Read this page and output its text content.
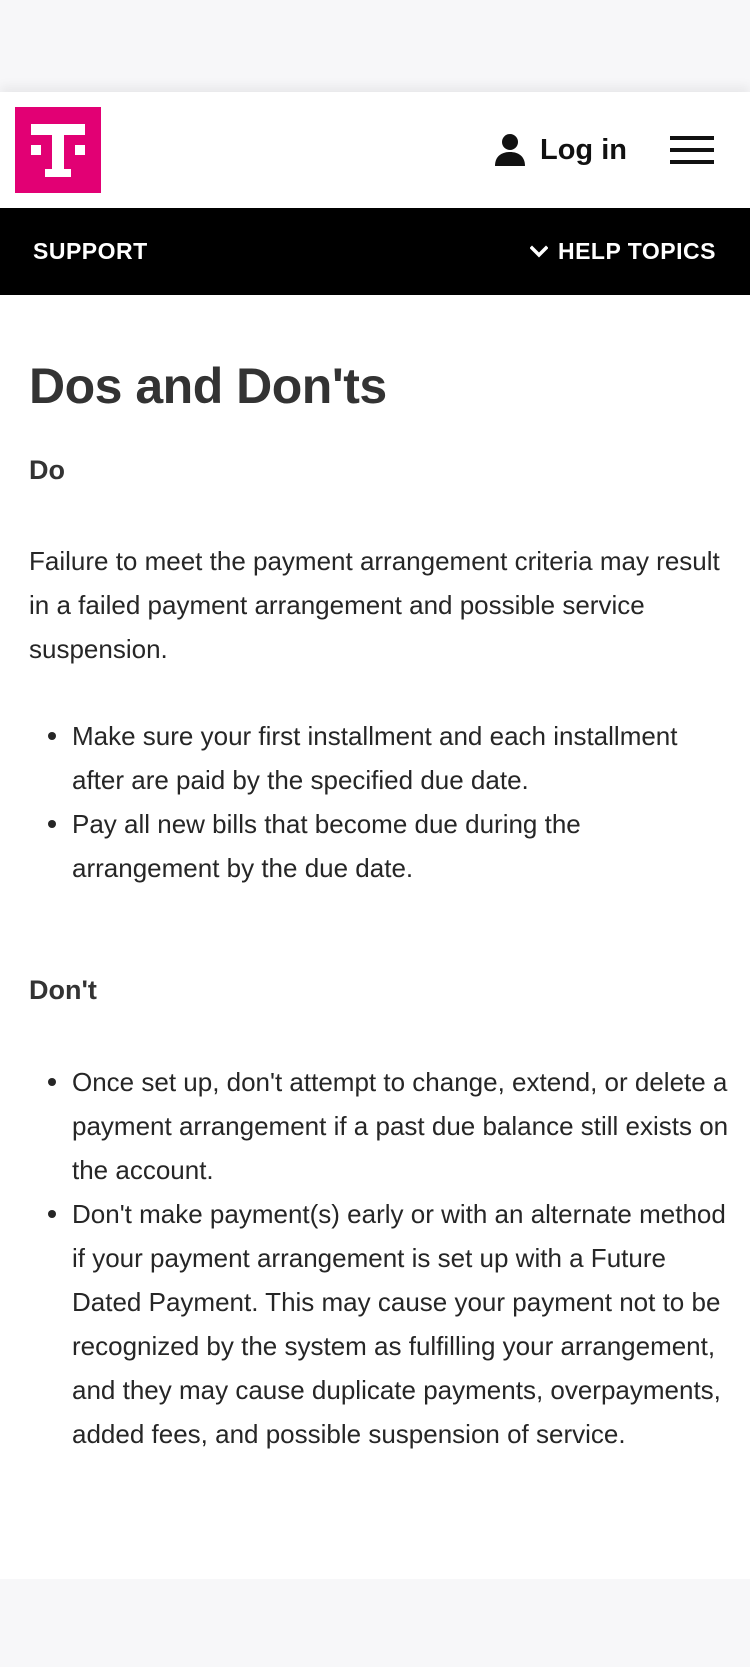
Log in
SUPPORT	HELP TOPICS
Dos and Don'ts
Do

Failure to meet the payment arrangement criteria may result in a failed payment arrangement and possible service suspension.

Make sure your first installment and each installment after are paid by the specified due date.
Pay all new bills that become due during the arrangement by the due date.
Don't
Once set up, don't attempt to change, extend, or delete a payment arrangement if a past due balance still exists on the account.
Don't make payment(s) early or with an alternate method if your payment arrangement is set up with a Future Dated Payment. This may cause your payment not to be recognized by the system as fulfilling your arrangement, and they may cause duplicate payments, overpayments, added fees, and possible suspension of service.
